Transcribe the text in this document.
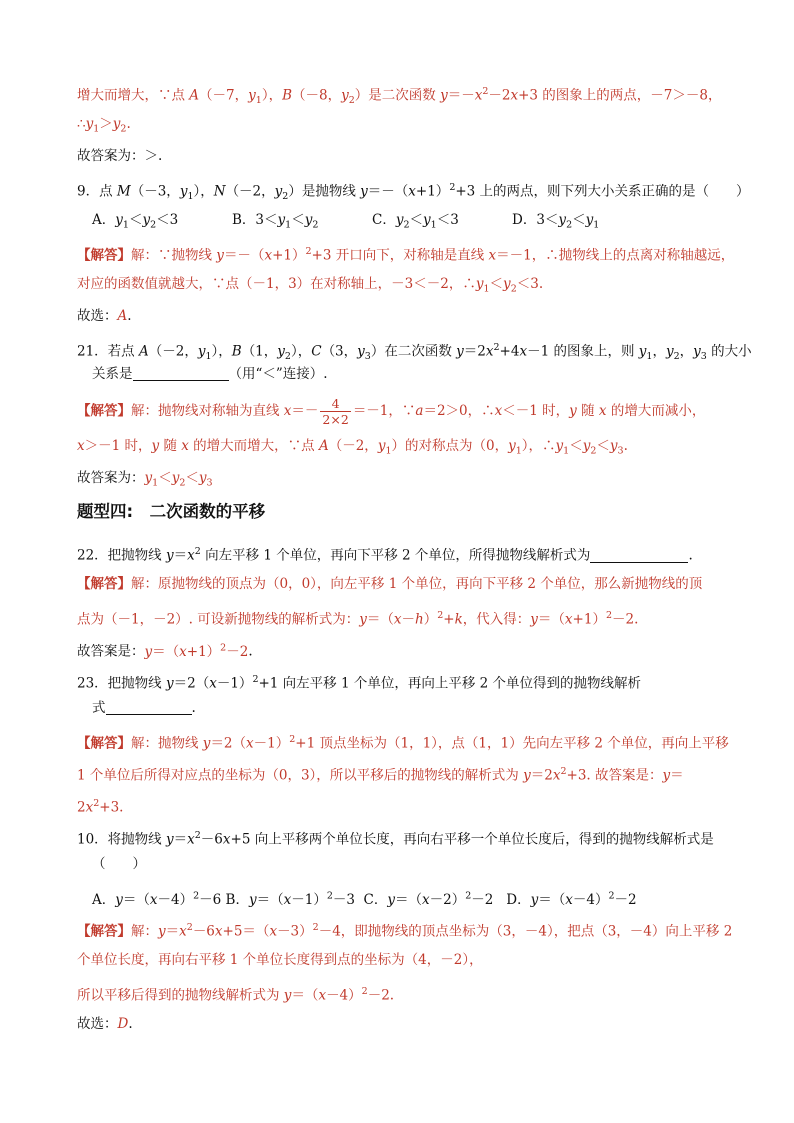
增大而增大，∵点 A（－7，$y_1$），B（－8，$y_2$）是二次函数 $y=-x^2-2x+3$ 的图象上的两点，－7＞－8，
$\therefore y_1>y_2$.
故答案为：＞.
9．点 M（－3，$y_1$），N（－2，$y_2$）是抛物线 $y=-(x+1)^2+3$ 上的两点，则下列大小关系正确的是（　　）
A．$y_1<y_2<3$	B．$3<y_1<y_2$	C．$y_2<y_1<3$	D．$3<y_2<y_1$
【解答】解：∵抛物线 $y=-(x+1)^2+3$ 开口向下，对称轴是直线 x＝－1，∴抛物线上的点离对称轴越远，
对应的函数值就越大，∵点（－1，3）在对称轴上，－3＜－2，$\therefore y_1<y_2<3$.
故选：A.
21．若点 A（－2，$y_1$），B（1，$y_2$），C（3，$y_3$）在二次函数 $y=2x^2+4x-1$ 的图象上，则 $y_1$，$y_2$，$y_3$ 的大小
关系是	（用“＜”连接）.
【解答】解：抛物线对称轴为直线 $x=- \frac{4}{2\times 2} =-1$，∵a＝2＞0，∴x＜－1 时，y 随 x 的增大而减小，
x＞－1 时，y 随 x 的增大而增大，∵点 A（－2，$y_1$）的对称点为（0，$y_1$），$\therefore y_1<y_2<y_3$.
故答案为：$y_1<y_2<y_3$
题型四:　二次函数的平移
22．把抛物线 $y=x^2$ 向左平移 1 个单位，再向下平移 2 个单位，所得抛物线解析式为	.
【解答】解：原抛物线的顶点为（0，0），向左平移 1 个单位，再向下平移 2 个单位，那么新抛物线的顶
点为（－1，－2）. 可设新抛物线的解析式为：$y=(x-h)^2+k$，代入得：$y=(x+1)^2-2$.
故答案是：$y=(x+1)^2-2$.
23．把抛物线 $y=2(x-1)^2+1$ 向左平移 1 个单位，再向上平移 2 个单位得到的抛物线解析
式	.
【解答】解：抛物线 $y=2(x-1)^2+1$ 顶点坐标为（1，1），点（1，1）先向左平移 2 个单位，再向上平移
1 个单位后所得对应点的坐标为（0，3），所以平移后的抛物线的解析式为 $y=2x^2+3$. 故答案是：y＝
$2x^2+3$.
10．将抛物线 $y=x^2-6x+5$ 向上平移两个单位长度，再向右平移一个单位长度后，得到的抛物线解析式是
（　　）
A．$y=(x-4)^2-6$ B．$y=(x-1)^2-3$  C．$y=(x-2)^2-2$   D．$y=(x-4)^2-2$
【解答】解：$y=x^2-6x+5=(x-3)^2-4$，即抛物线的顶点坐标为（3，－4），把点（3，－4）向上平移 2
个单位长度，再向右平移 1 个单位长度得到点的坐标为（4，－2），
所以平移后得到的抛物线解析式为 $y=(x-4)^2-2$.
故选：D.
